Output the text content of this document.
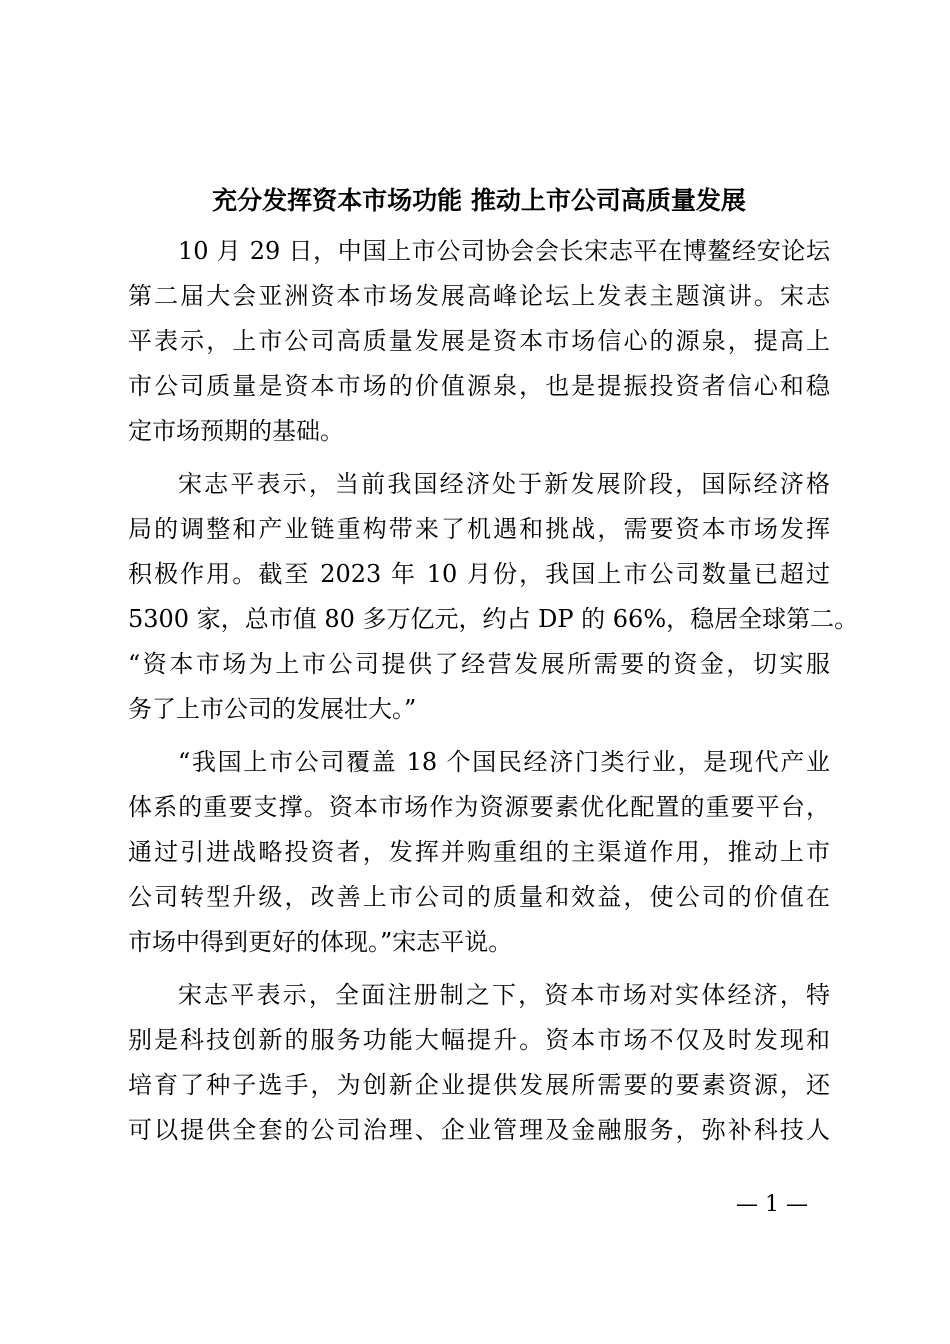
充分发挥资本市场功能 推动上市公司高质量发展
10 月 29 日，中国上市公司协会会长宋志平在博鳌经安论坛
第二届大会亚洲资本市场发展高峰论坛上发表主题演讲。宋志
平表示，上市公司高质量发展是资本市场信心的源泉，提高上
市公司质量是资本市场的价值源泉，也是提振投资者信心和稳
定市场预期的基础。
宋志平表示，当前我国经济处于新发展阶段，国际经济格
局的调整和产业链重构带来了机遇和挑战，需要资本市场发挥
积极作用。截至 2023 年 10 月份，我国上市公司数量已超过
5300 家，总市值 80 多万亿元，约占 DP 的 66%，稳居全球第二。
“资本市场为上市公司提供了经营发展所需要的资金，切实服
务了上市公司的发展壮大。”
“我国上市公司覆盖 18 个国民经济门类行业，是现代产业
体系的重要支撑。资本市场作为资源要素优化配置的重要平台，
通过引进战略投资者，发挥并购重组的主渠道作用，推动上市
公司转型升级，改善上市公司的质量和效益，使公司的价值在
市场中得到更好的体现。”宋志平说。
宋志平表示，全面注册制之下，资本市场对实体经济，特
别是科技创新的服务功能大幅提升。资本市场不仅及时发现和
培育了种子选手，为创新企业提供发展所需要的要素资源，还
可以提供全套的公司治理、企业管理及金融服务，弥补科技人
— 1 —
